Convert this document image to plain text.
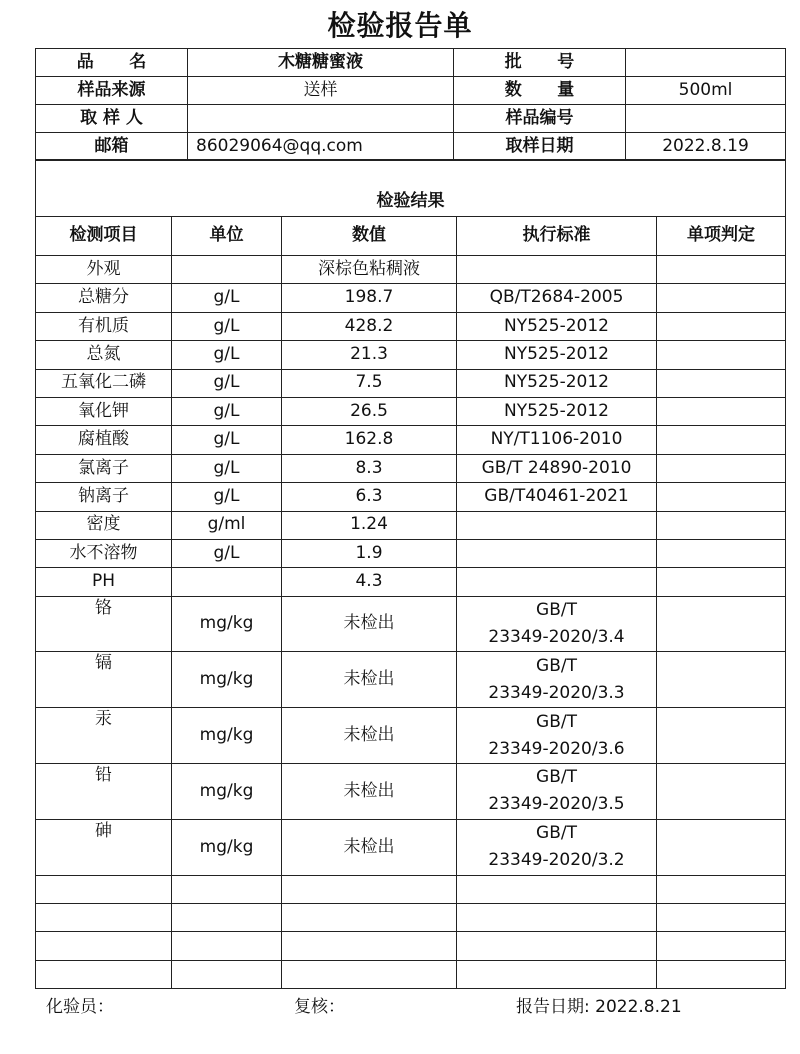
检验报告单
品      名	木糖糖蜜液	批      号	
样品来源	送样	数      量	500ml
取 样 人		样品编号	
邮箱	86029064@qq.com	取样日期	2022.8.19
检验结果				
检测项目	单位	数值	执行标准	单项判定
外观		深棕色粘稠液		
总糖分	g/L	198.7	QB/T2684-2005	
有机质	g/L	428.2	NY525-2012	
总氮	g/L	21.3	NY525-2012	
五氧化二磷	g/L	7.5	NY525-2012	
氧化钾	g/L	26.5	NY525-2012	
腐植酸	g/L	162.8	NY/T1106-2010	
氯离子	g/L	8.3	GB/T 24890-2010	
钠离子	g/L	6.3	GB/T40461-2021	
密度	g/ml	1.24		
水不溶物	g/L	1.9		
PH		4.3		
铬	mg/kg	未检出	GB/T
23349-2020/3.4	

镉	mg/kg	未检出	GB/T
23349-2020/3.3	

汞	mg/kg	未检出	GB/T
23349-2020/3.6	

铅	mg/kg	未检出	GB/T
23349-2020/3.5	

砷	mg/kg	未检出	GB/T
23349-2020/3.2	

化验员：	复核：	报告日期: 2022.8.21
